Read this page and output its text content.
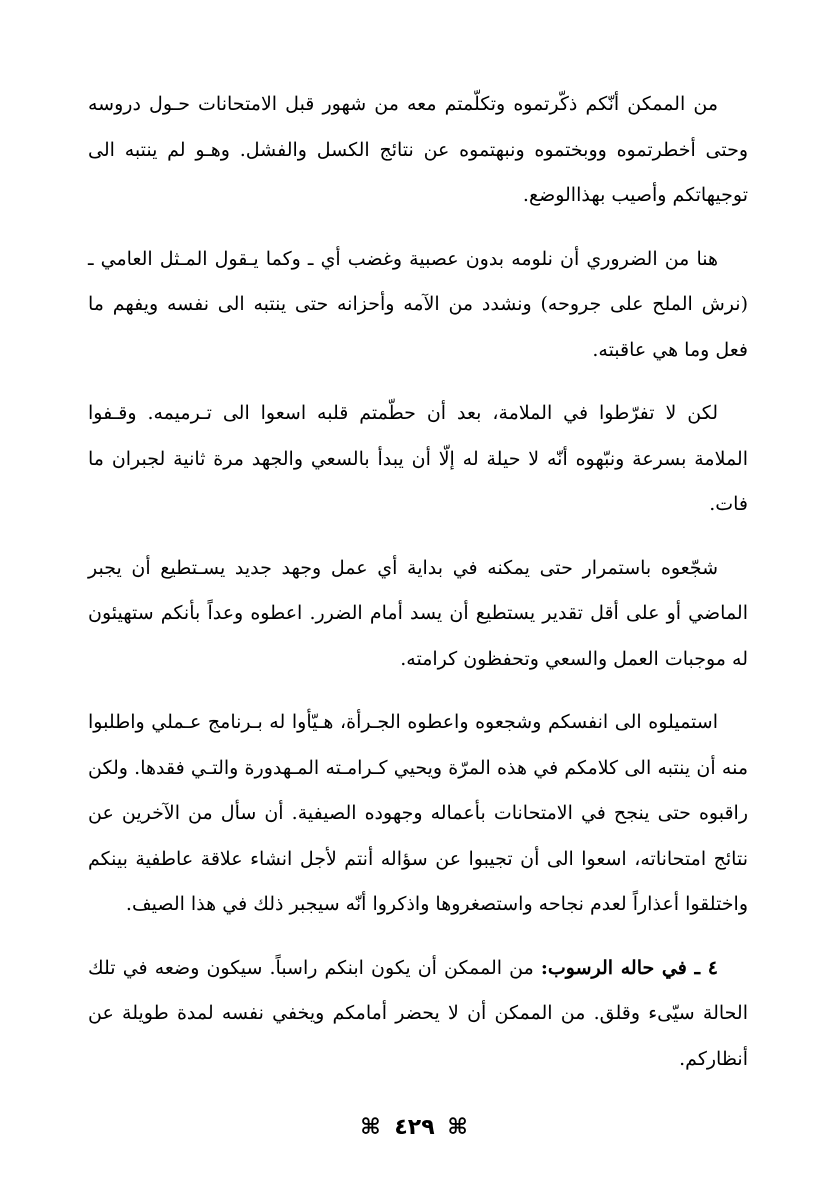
من الممكن أنّكم ذكّرتموه وتكلّمتم معه من شهور قبل الامتحانات حـول دروسه وحتى أخطرتموه ووبختموه ونبهتموه عن نتائج الكسل والفشل. وهـو لم ينتبه الى توجيهاتكم وأصيب بهذاالوضع.

هنا من الضروري أن نلومه بدون عصبية وغضب أي ـ وكما يـقول المـثل العامي ـ (نرش الملح على جروحه) ونشدد من الآمه وأحزانه حتى ينتبه الى نفسه ويفهم ما فعل وما هي عاقبته.

لكن لا تفرّطوا في الملامة، بعد أن حطّمتم قلبه اسعوا الى تـرميمه. وقـفوا الملامة بسرعة ونبّهوه أنّه لا حيلة له إلّا أن يبدأ بالسعي والجهد مرة ثانية لجبران ما فات.

شجّعوه باستمرار حتى يمكنه في بداية أي عمل وجهد جديد يسـتطيع أن يجبر الماضي أو على أقل تقدير يستطيع أن يسد أمام الضرر. اعطوه وعداً بأنكم ستهيئون له موجبات العمل والسعي وتحفظون كرامته.

استميلوه الى انفسكم وشجعوه واعطوه الجـرأة، هـيّأوا له بـرنامج عـملي واطلبوا منه أن ينتبه الى كلامكم في هذه المرّة ويحيي كـرامـته المـهدورة والتـي فقدها. ولكن راقبوه حتى ينجح في الامتحانات بأعماله وجهوده الصيفية. أن سأل من الآخرين عن نتائج امتحاناته، اسعوا الى أن تجيبوا عن سؤاله أنتم لأجل انشاء علاقة عاطفية بينكم واختلقوا أعذاراً لعدم نجاحه واستصغروها واذكروا أنّه سيجبر ذلك في هذا الصيف.

٤ ـ في حاله الرسوب: من الممكن أن يكون ابنكم راسباً. سيكون وضعه في تلك الحالة سيّىء وقلق. من الممكن أن لا يحضر أمامكم ويخفي نفسه لمدة طويلة عن أنظاركم.

⌘ ٤٢٩ ⌘
